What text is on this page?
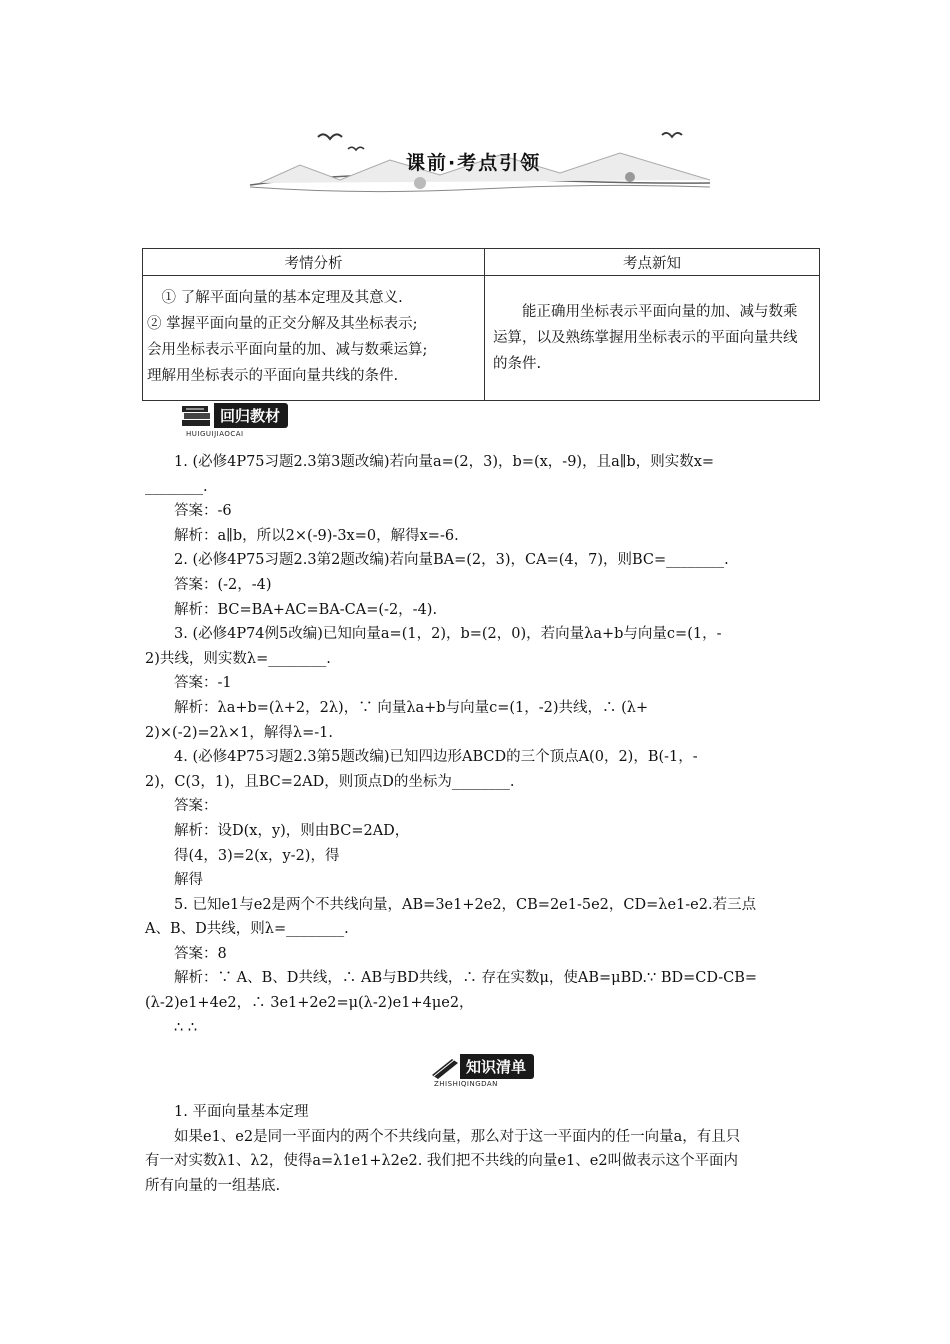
课前·考点引领
考情分析	考点新知

① 了解平面向量的基本定理及其意义.
② 掌握平面向量的正交分解及其坐标表示;
会用坐标表示平面向量的加、减与数乘运算;
理解用坐标表示的平面向量共线的条件.	能正确用坐标表示平面向量的加、减与数乘运算，以及熟练掌握用坐标表示的平面向量共线的条件.
回归教材
HUIGUIJIAOCAI

1. (必修4P75习题2.3第3题改编)若向量a=(2，3)，b=(x，-9)，且a∥b，则实数x=

________.

答案：-6

解析：a∥b，所以2×(-9)-3x=0，解得x=-6.

2. (必修4P75习题2.3第2题改编)若向量BA=(2，3)，CA=(4，7)，则BC=________.

答案：(-2，-4)

解析：BC=BA+AC=BA-CA=(-2，-4).

3. (必修4P74例5改编)已知向量a=(1，2)，b=(2，0)，若向量λa+b与向量c=(1，-

2)共线，则实数λ=________.

答案：-1

解析：λa+b=(λ+2，2λ)，∵ 向量λa+b与向量c=(1，-2)共线，∴ (λ+

2)×(-2)=2λ×1，解得λ=-1.

4. (必修4P75习题2.3第5题改编)已知四边形ABCD的三个顶点A(0，2)，B(-1，-

2)，C(3，1)，且BC=2AD，则顶点D的坐标为________.

答案：

解析：设D(x，y)，则由BC=2AD，

得(4，3)=2(x，y-2)，得

解得

5. 已知e1与e2是两个不共线向量，AB=3e1+2e2，CB=2e1-5e2，CD=λe1-e2.若三点

A、B、D共线，则λ=________.

答案：8

解析：∵ A、B、D共线，∴ AB与BD共线，∴ 存在实数μ，使AB=μBD.∵ BD=CD-CB=

(λ-2)e1+4e2，∴ 3e1+2e2=μ(λ-2)e1+4μe2，

∴ ∴

知识清单
ZHISHIQINGDAN

1. 平面向量基本定理

如果e1、e2是同一平面内的两个不共线向量，那么对于这一平面内的任一向量a，有且只

有一对实数λ1、λ2，使得a=λ1e1+λ2e2. 我们把不共线的向量e1、e2叫做表示这个平面内

所有向量的一组基底.
